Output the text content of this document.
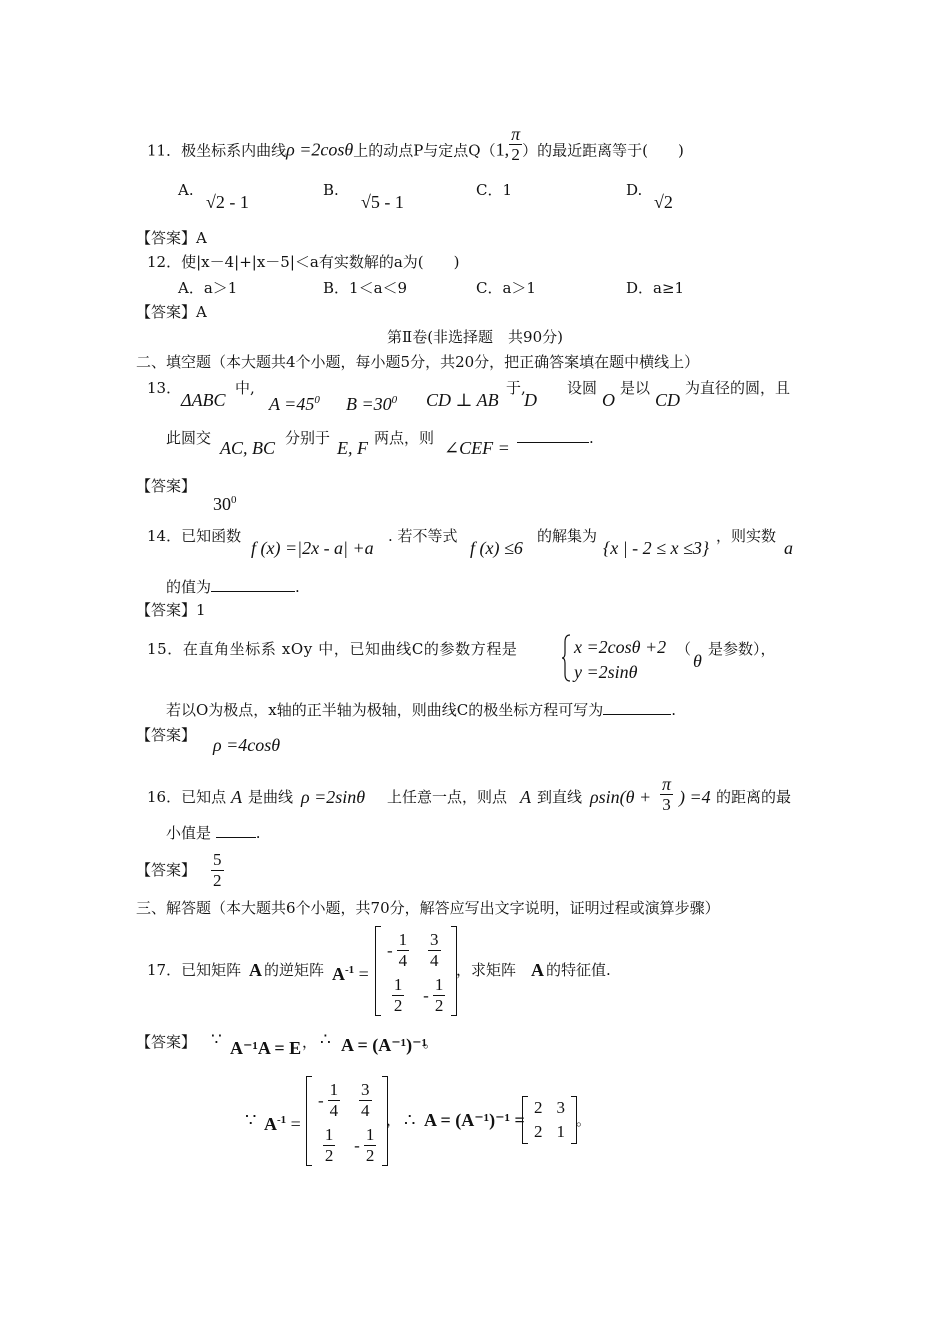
11．极坐标系内曲线ρ =2cosθ上的动点P与定点Q（1, $\frac{\pi}{2}$ ）的最近距离等于(　　)
A.
√2 - 1
B.
√5 - 1
C．1	D.
√2
【答案】A
12．使|x－4|+|x－5|＜a有实数解的a为(　　)
A．a＞1	B．1＜a＜9	C．a＞1	D．a≥1
【答案】A
第Ⅱ卷(非选择题　共90分)
二、填空题（本大题共4个小题，每小题5分，共20分，把正确答案填在题中横线上）
13．
ΔABC
中,
$A =45^0$ $B =30^0$ CD ⊥ AB
于,
D
设圆
O
是以
CD
为直径的圆，且
此圆交 AC, BC 分别于 E, F 两点，则 ∠CEF =	.
【答案】
$30^0$
14．已知函数
f (x) =|2x - a| +a
. 若不等式
f (x) ≤6
的解集为
{x | - 2 ≤ x ≤3}
，则实数
a
的值为	.
【答案】1
15．在直角坐标系 xOy 中，已知曲线C的参数方程是	x =2cosθ +2
y =2sinθ
（
θ
是参数），
若以O为极点，x轴的正半轴为极轴，则曲线C的极坐标方程可写为	.
【答案】 ρ =4cosθ
16．已知点 A 是曲线 ρ =2sinθ 上任意一点，则点 A 到直线 $\rho\sin(\theta + \frac{\pi}{3}$ ) =4 的距离的最
小值是	.
【答案】 $\frac{5}{2}$
三、解答题（本大题共6个小题，共70分，解答应写出文字说明，证明过程或演算步骤）
17．已知矩阵 A 的逆矩阵 $A^{-1}$ =
- $\frac{1}{4} \frac{3}{4}$
$\frac{1}{2} - \frac{1}{2}$
，求矩阵 A 的特征值.
【答案】 ∵ A⁻¹A = E ， ∴ A = (A⁻¹)⁻¹
。
∵ $A^{-1}$ =
- $\frac{1}{4} \frac{3}{4}$
$\frac{1}{2} - \frac{1}{2}$
， ∴ A = (A⁻¹)⁻¹ =
2 3
2 1
。
